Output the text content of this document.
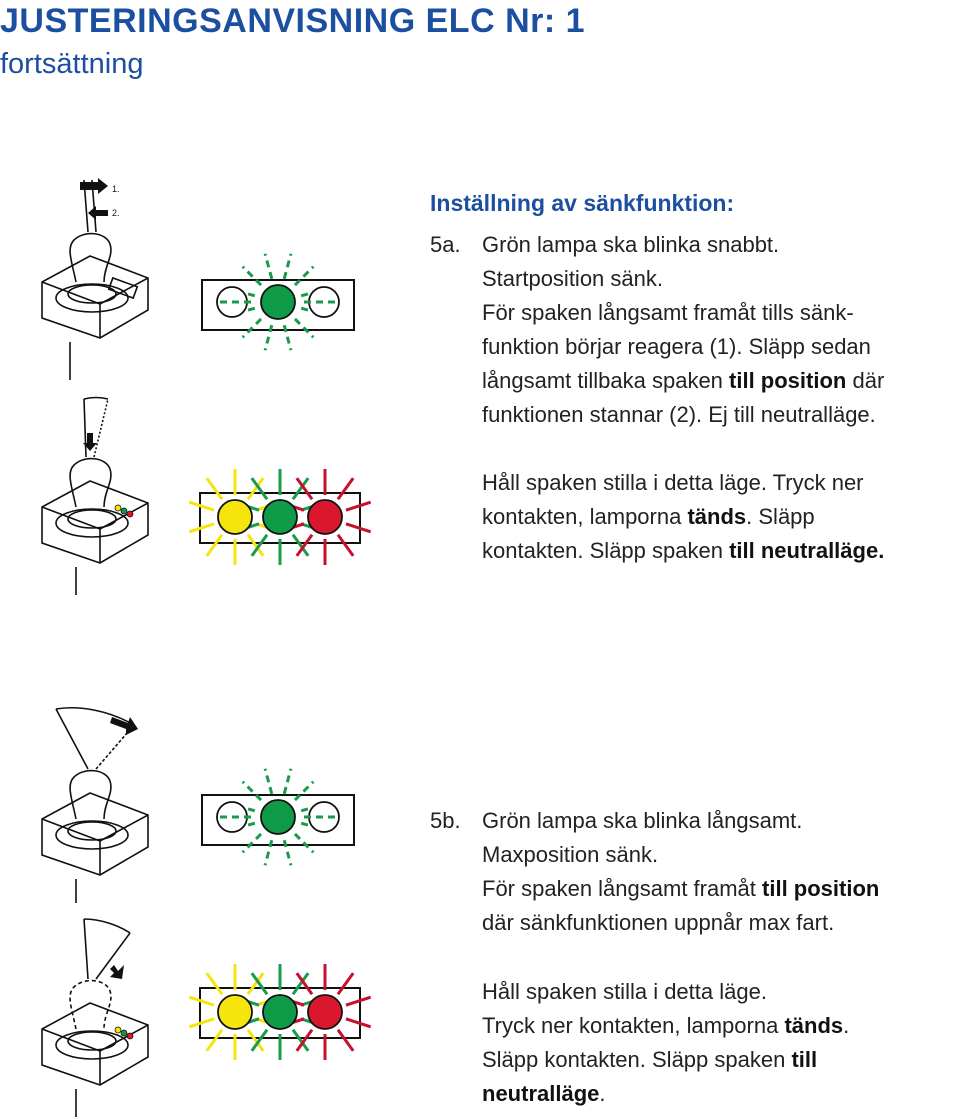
JUSTERINGSANVISNING ELC Nr: 1
fortsättning
Inställning av sänkfunktion:
5a. Grön lampa ska blinka snabbt.
Startposition sänk.
För spaken långsamt framåt tills sänk-
funktion börjar reagera (1). Släpp sedan
långsamt tillbaka spaken till position där
funktionen stannar (2). Ej till neutralläge.
Håll spaken stilla i detta läge. Tryck ner
kontakten, lamporna tänds. Släpp
kontakten. Släpp spaken till neutralläge.
5b. Grön lampa ska blinka långsamt.
Maxposition sänk.
För spaken långsamt framåt till position
där sänkfunktionen uppnår max fart.
Håll spaken stilla i detta läge.
Tryck ner kontakten, lamporna tänds.
Släpp kontakten. Släpp spaken till
neutralläge.
1.
2.
